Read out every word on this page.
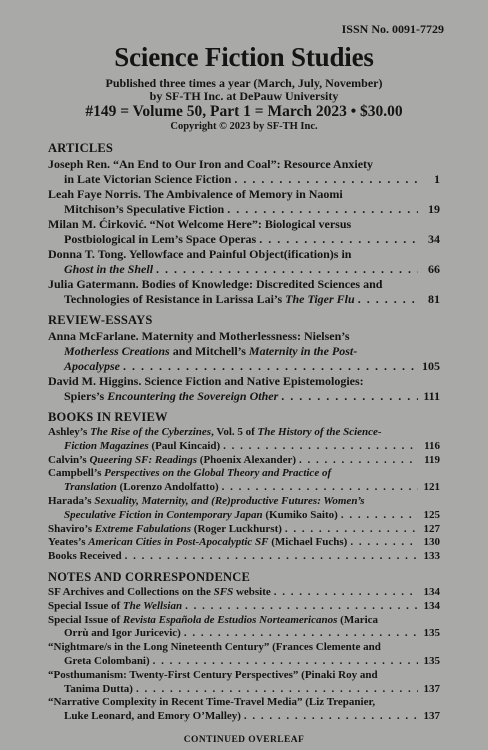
ISSN No. 0091-7729
Science Fiction Studies
Published three times a year (March, July, November)
by SF-TH Inc. at DePauw University
#149 = Volume 50, Part 1 = March 2023 • $30.00
Copyright © 2023 by SF-TH Inc.
ARTICLES
Joseph Ren. “An End to Our Iron and Coal”: Resource Anxiety
in Late Victorian Science Fiction . . .	1
Leah Faye Norris. The Ambivalence of Memory in Naomi
Mitchison’s Speculative Fiction . . .	19
Milan M. Ćirković. “Not Welcome Here”: Biological versus
Postbiological in Lem’s Space Operas . . .	34
Donna T. Tong. Yellowface and Painful Object(ification)s in
Ghost in the Shell . . .	66
Julia Gatermann. Bodies of Knowledge: Discredited Sciences and
Technologies of Resistance in Larissa Lai’s The Tiger Flu . . .	81
REVIEW-ESSAYS
Anna McFarlane. Maternity and Motherlessness: Nielsen’s
Motherless Creations and Mitchell’s Maternity in the Post-
Apocalypse . . .	105
David M. Higgins. Science Fiction and Native Epistemologies:
Spiers’s Encountering the Sovereign Other . . .	111
BOOKS IN REVIEW
Ashley’s The Rise of the Cyberzines, Vol. 5 of The History of the Science-
Fiction Magazines (Paul Kincaid) . . .	116
Calvin’s Queering SF: Readings (Phoenix Alexander) . . .	119
Campbell’s Perspectives on the Global Theory and Practice of
Translation (Lorenzo Andolfatto) . . .	121
Harada’s Sexuality, Maternity, and (Re)productive Futures: Women’s
Speculative Fiction in Contemporary Japan (Kumiko Saito) . . .	125
Shaviro’s Extreme Fabulations (Roger Luckhurst) . . .	127
Yeates’s American Cities in Post-Apocalyptic SF (Michael Fuchs) . . .	130
Books Received . . .	133
NOTES AND CORRESPONDENCE
SF Archives and Collections on the SFS website . . .	134
Special Issue of The Wellsian . . .	134
Special Issue of Revista Española de Estudios Norteamericanos (Marica
Orrù and Igor Juricevic) . . .	135
“Nightmare/s in the Long Nineteenth Century” (Frances Clemente and
Greta Colombani) . . .	135
“Posthumanism: Twenty-First Century Perspectives” (Pinaki Roy and
Tanima Dutta) . . .	137
“Narrative Complexity in Recent Time-Travel Media” (Liz Trepanier,
Luke Leonard, and Emory O’Malley) . . .	137
CONTINUED OVERLEAF
